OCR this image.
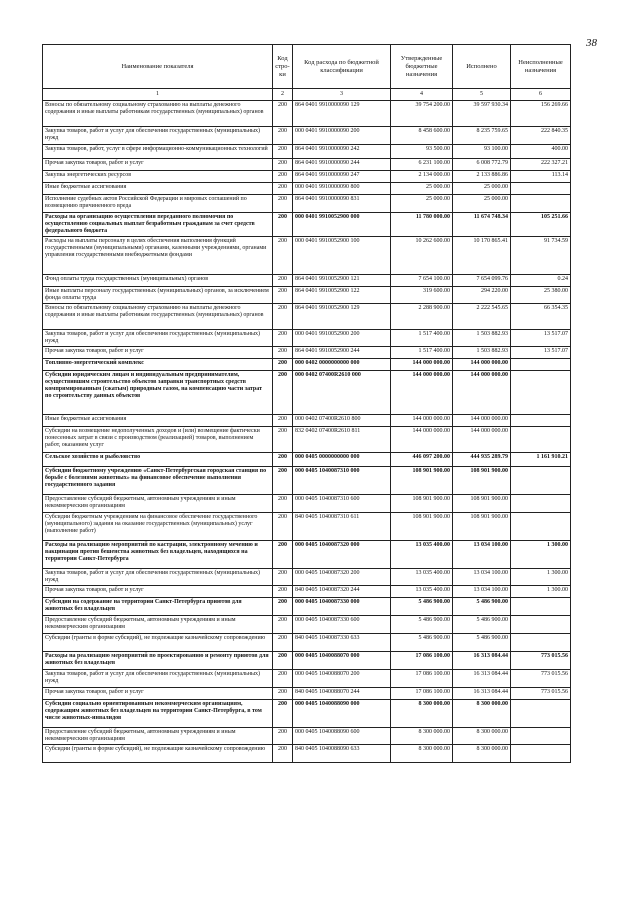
38
Наименование показателя	Код стро- ки	Код расхода по бюджетной классификации	Утвержденные бюджетные назначения	Исполнено	Неисполненные назначения
1	2	3	4	5	6
Взносы по обязательному социальному страхованию на выплаты денежного содержания и иные выплаты работникам государственных (муниципальных) органов	200	864 0401 9910000090 129	39 754 200.00	39 597 930.34	156 269.66
Закупка товаров, работ и услуг для обеспечения государственных (муниципальных) нужд	200	000 0401 9910000090 200	8 458 600.00	8 235 759.65	222 840.35
Закупка товаров, работ, услуг в сфере информационно-коммуникационных технологий	200	864 0401 9910000090 242	93 500.00	93 100.00	400.00
Прочая закупка товаров, работ и услуг	200	864 0401 9910000090 244	6 231 100.00	6 008 772.79	222 327.21
Закупка энергетических ресурсов	200	864 0401 9910000090 247	2 134 000.00	2 133 886.86	113.14
Иные бюджетные ассигнования	200	000 0401 9910000090 800	25 000.00	25 000.00	
Исполнение судебных актов Российской Федерации и мировых соглашений по возмещению причиненного вреда	200	864 0401 9910000090 831	25 000.00	25 000.00	
Расходы на организацию осуществления переданного полномочия по осуществлению социальных выплат безработным гражданам за счет средств федерального бюджета	200	000 0401 9910052900 000	11 780 000.00	11 674 748.34	105 251.66
Расходы на выплаты персоналу в целях обеспечения выполнения функций государственными (муниципальными) органами, казенными учреждениями, органами управления государственными внебюджетными фондами	200	000 0401 9910052900 100	10 262 600.00	10 170 865.41	91 734.59
Фонд оплаты труда государственных (муниципальных) органов	200	864 0401 9910052900 121	7 654 100.00	7 654 099.76	0.24
Иные выплаты персоналу государственных (муниципальных) органов, за исключением фонда оплаты труда	200	864 0401 9910052900 122	319 600.00	294 220.00	25 380.00
Взносы по обязательному социальному страхованию на выплаты денежного содержания и иные выплаты работникам государственных (муниципальных) органов	200	864 0401 9910052900 129	2 288 900.00	2 222 545.65	66 354.35
Закупка товаров, работ и услуг для обеспечения государственных (муниципальных) нужд	200	000 0401 9910052900 200	1 517 400.00	1 503 882.93	13 517.07
Прочая закупка товаров, работ и услуг	200	864 0401 9910052900 244	1 517 400.00	1 503 882.93	13 517.07
Топливно-энергетический комплекс	200	000 0402 0000000000 000	144 000 000.00	144 000 000.00	
Субсидии юридическим лицам и индивидуальным предпринимателям, осуществившим строительство объектов заправки транспортных средств компримированным (сжатым) природным газом, на компенсацию части затрат по строительству данных объектов	200	000 0402 07400R2610 000	144 000 000.00	144 000 000.00	
Иные бюджетные ассигнования	200	000 0402 07400R2610 800	144 000 000.00	144 000 000.00	
Субсидии на возмещение недополученных доходов и (или) возмещение фактически понесенных затрат в связи с производством (реализацией) товаров, выполнением работ, оказанием услуг	200	832 0402 07400R2610 811	144 000 000.00	144 000 000.00	
Сельское хозяйство и рыболовство	200	000 0405 0000000000 000	446 097 200.00	444 935 289.79	1 161 910.21
Субсидии бюджетному учреждению «Санкт-Петербургская городская станция по борьбе с болезнями животных» на финансовое обеспечение выполнения государственного задания	200	000 0405 1040087310 000	108 901 900.00	108 901 900.00	
Предоставление субсидий бюджетным, автономным учреждениям и иным некоммерческим организациям	200	000 0405 1040087310 600	108 901 900.00	108 901 900.00	
Субсидии бюджетным учреждениям на финансовое обеспечение государственного (муниципального) задания на оказание государственных (муниципальных) услуг (выполнение работ)	200	840 0405 1040087310 611	108 901 900.00	108 901 900.00	
Расходы на реализацию мероприятий по кастрации, электронному мечению и вакцинации против бешенства животных без владельцев, находящихся на территории Санкт-Петербурга	200	000 0405 1040087320 000	13 035 400.00	13 034 100.00	1 300.00
Закупка товаров, работ и услуг для обеспечения государственных (муниципальных) нужд	200	000 0405 1040087320 200	13 035 400.00	13 034 100.00	1 300.00
Прочая закупка товаров, работ и услуг	200	840 0405 1040087320 244	13 035 400.00	13 034 100.00	1 300.00
Субсидии на содержание на территории Санкт-Петербурга приютов для животных без владельцев	200	000 0405 1040087330 000	5 486 900.00	5 486 900.00	
Предоставление субсидий бюджетным, автономным учреждениям и иным некоммерческим организациям	200	000 0405 1040087330 600	5 486 900.00	5 486 900.00	
Субсидии (гранты в форме субсидий), не подлежащие казначейскому сопровождению	200	840 0405 1040087330 633	5 486 900.00	5 486 900.00	
Расходы на реализацию мероприятий по проектированию и ремонту приютов для животных без владельцев	200	000 0405 1040088070 000	17 086 100.00	16 313 084.44	773 015.56
Закупка товаров, работ и услуг для обеспечения государственных (муниципальных) нужд	200	000 0405 1040088070 200	17 086 100.00	16 313 084.44	773 015.56
Прочая закупка товаров, работ и услуг	200	840 0405 1040088070 244	17 086 100.00	16 313 084.44	773 015.56
Субсидии социально ориентированным некоммерческим организациям, содержащим животных без владельцев на территории Санкт-Петербурга, в том числе животных-инвалидов	200	000 0405 1040088090 000	8 300 000.00	8 300 000.00	
Предоставление субсидий бюджетным, автономным учреждениям и иным некоммерческим организациям	200	000 0405 1040088090 600	8 300 000.00	8 300 000.00	
Субсидии (гранты в форме субсидий), не подлежащие казначейскому сопровождению	200	840 0405 1040088090 633	8 300 000.00	8 300 000.00	
